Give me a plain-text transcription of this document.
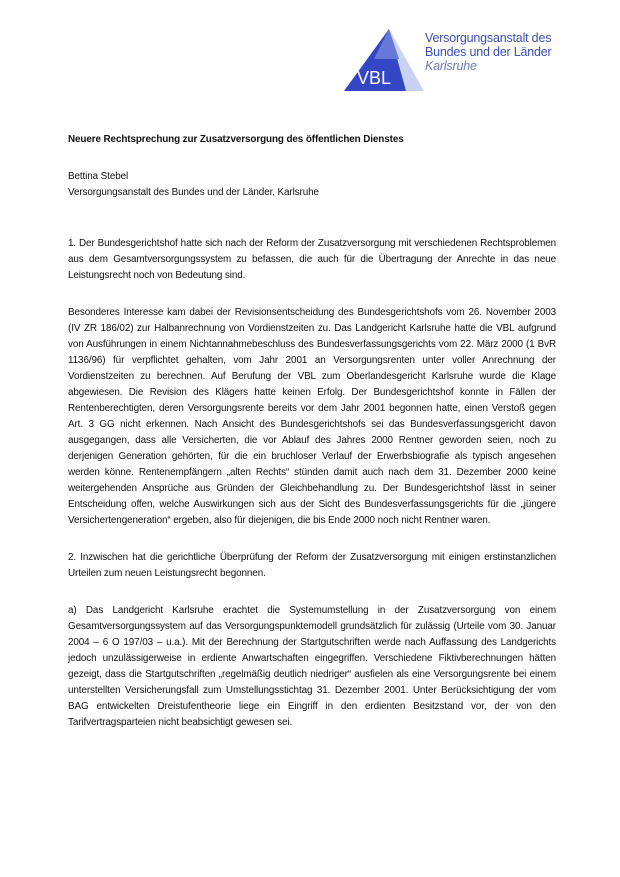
VBL
Versorgungsanstalt des
Bundes und der Länder
Karlsruhe

Neuere Rechtsprechung zur Zusatzversorgung des öffentlichen Dienstes

Bettina Stebel

Versorgungsanstalt des Bundes und der Länder, Karlsruhe

1. Der Bundesgerichtshof hatte sich nach der Reform der Zusatzversorgung mit verschiedenen Rechtsproblemen aus dem Gesamtversorgungssystem zu befassen, die auch für die Übertragung der Anrechte in das neue Leistungsrecht noch von Bedeutung sind.

Besonderes Interesse kam dabei der Revisionsentscheidung des Bundesgerichtshofs vom 26. November 2003 (IV ZR 186/02) zur Halbanrechnung von Vordienstzeiten zu. Das Landgericht Karlsruhe hatte die VBL aufgrund von Ausführungen in einem Nichtannahmebeschluss des Bundesverfassungsgerichts vom 22. März 2000 (1 BvR 1136/96) für verpflichtet gehalten, vom Jahr 2001 an Versorgungsrenten unter voller Anrechnung der Vordienstzeiten zu berechnen. Auf Berufung der VBL zum Oberlandesgericht Karlsruhe wurde die Klage abgewiesen. Die Revision des Klägers hatte keinen Erfolg. Der Bundesgerichtshof konnte in Fällen der Rentenberechtigten, deren Versorgungsrente bereits vor dem Jahr 2001 begonnen hatte, einen Verstoß gegen Art. 3 GG nicht erkennen. Nach Ansicht des Bundesgerichtshofs sei das Bundesverfassungsgericht davon ausgegangen, dass alle Versicherten, die vor Ablauf des Jahres 2000 Rentner geworden seien, noch zu derjenigen Generation gehörten, für die ein bruchloser Verlauf der Erwerbsbiografie als typisch angesehen werden könne. Rentenempfängern „alten Rechts“ stünden damit auch nach dem 31. Dezember 2000 keine weitergehenden Ansprüche aus Gründen der Gleichbehandlung zu. Der Bundesgerichtshof lässt in seiner Entscheidung offen, welche Auswirkungen sich aus der Sicht des Bundesverfassungsgerichts für die „jüngere Versichertengeneration“ ergeben, also für diejenigen, die bis Ende 2000 noch nicht Rentner waren.

2. Inzwischen hat die gerichtliche Überprüfung der Reform der Zusatzversorgung mit einigen erstinstanzlichen Urteilen zum neuen Leistungsrecht begonnen.

a) Das Landgericht Karlsruhe erachtet die Systemumstellung in der Zusatzversorgung von einem Gesamtversorgungssystem auf das Versorgungspunktemodell grundsätzlich für zulässig (Urteile vom 30. Januar 2004 – 6 O 197/03 – u.a.). Mit der Berechnung der Startgutschriften werde nach Auffassung des Landgerichts jedoch unzulässigerweise in erdiente Anwartschaften eingegriffen. Verschiedene Fiktivberechnungen hätten gezeigt, dass die Startgutschriften „regelmäßig deutlich niedriger“ ausfielen als eine Versorgungsrente bei einem unterstellten Versicherungsfall zum Umstellungsstichtag 31. Dezember 2001. Unter Berücksichtigung der vom BAG entwickelten Dreistufentheorie liege ein Eingriff in den erdienten Besitzstand vor, der von den Tarifvertragsparteien nicht beabsichtigt gewesen sei.
